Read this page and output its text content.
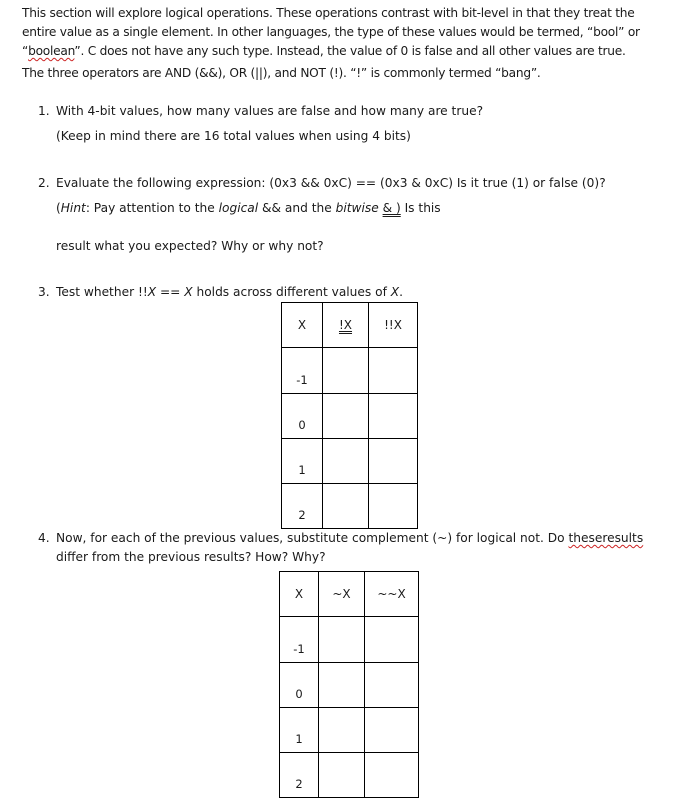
This section will explore logical operations. These operations contrast with bit-level in that they treat the
entire value as a single element. In other languages, the type of these values would be termed, “bool” or
“boolean”. C does not have any such type. Instead, the value of 0 is false and all other values are true.
The three operators are AND (&&), OR (||), and NOT (!). “!” is commonly termed “bang”.
1. With 4-bit values, how many values are false and how many are true?
(Keep in mind there are 16 total values when using 4 bits)
2. Evaluate the following expression: (0x3 && 0xC) == (0x3 & 0xC) Is it true (1) or false (0)?
(Hint: Pay attention to the logical && and the bitwise & ) Is this
result what you expected? Why or why not?
3. Test whether !!X == X holds across different values of X.
X	!X	!!X
-1		
0		
1		
2		
4. Now, for each of the previous values, substitute complement (~) for logical not. Do theseresults
differ from the previous results? How? Why?
X	~X	~~X
-1		
0		
1		
2		
